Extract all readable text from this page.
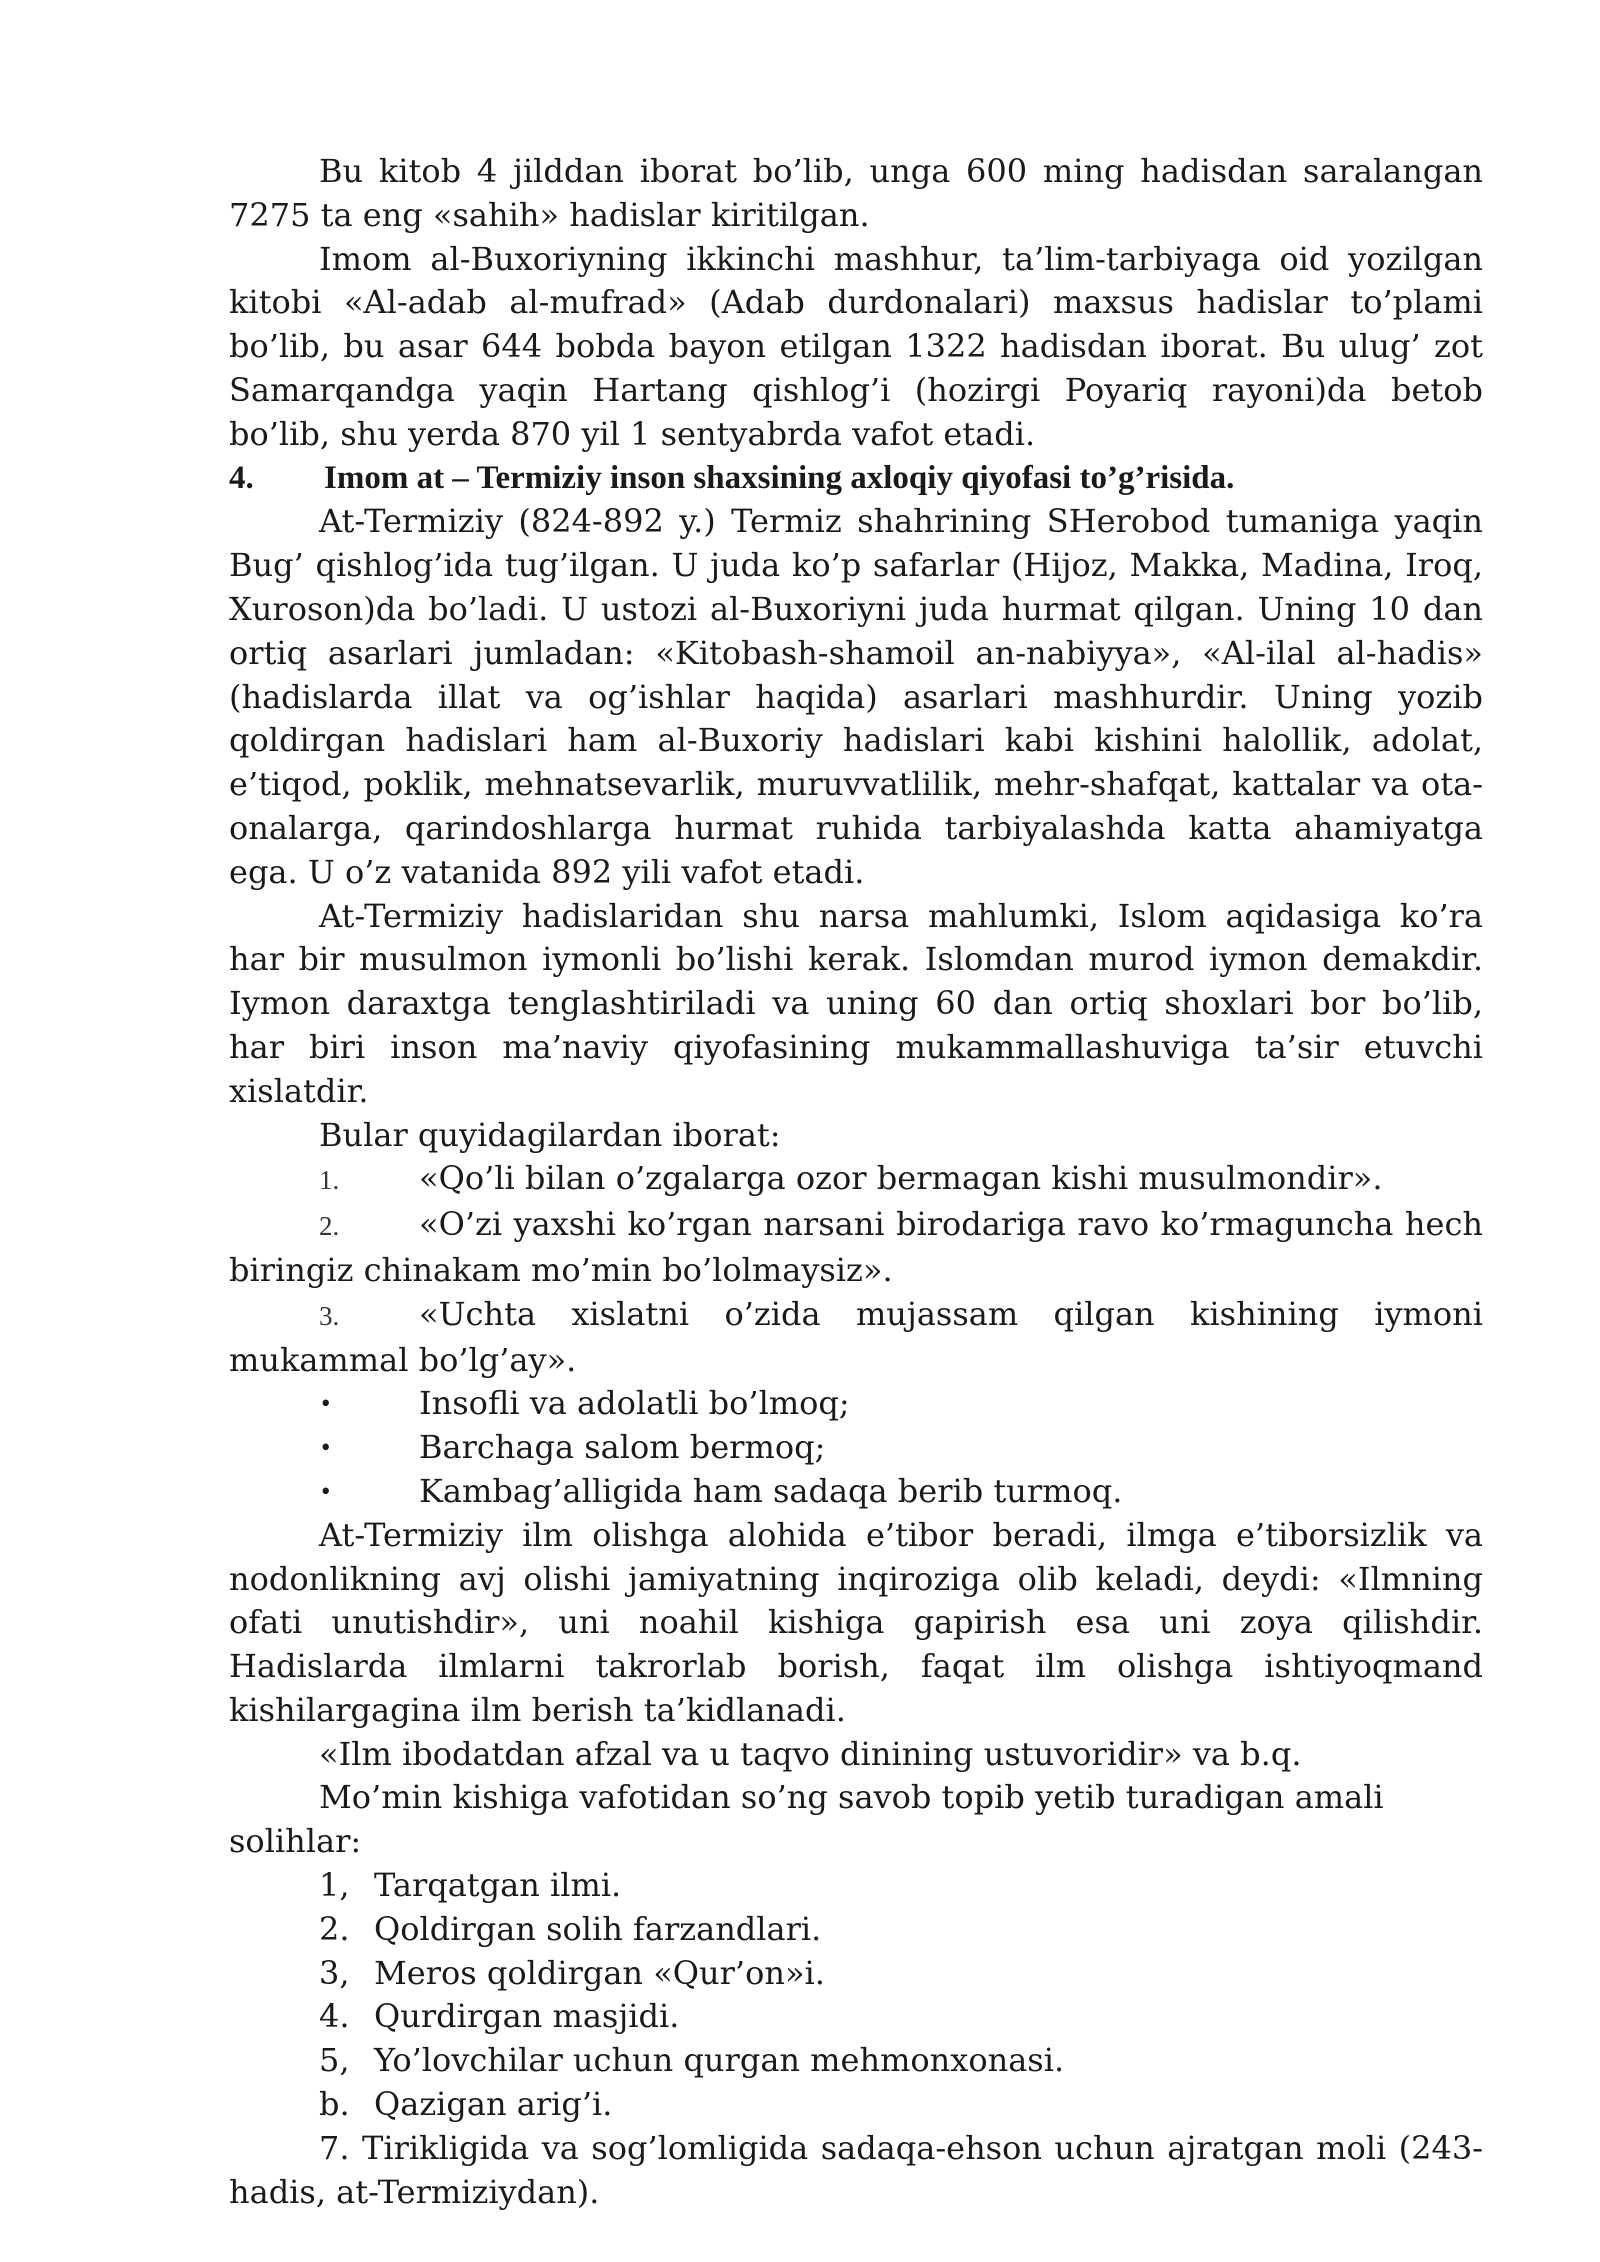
Bu kitob 4 jilddan iborat bo’lib, unga 600 ming hadisdan saralangan 7275 ta eng «sahih» hadislar kiritilgan.

Imom al-Buxoriyning ikkinchi mashhur, ta’lim-tarbiyaga oid yozilgan kitobi «Al-adab al-mufrad» (Adab durdonalari) maxsus hadislar to’plami bo’lib, bu asar 644 bobda bayon etilgan 1322 hadisdan iborat. Bu ulug’ zot Samarqandga yaqin Hartang qishlog’i (hozirgi Poyariq rayoni)da betob bo’lib, shu yerda 870 yil 1 sentyabrda vafot etadi.

4. Imom at – Termiziy inson shaxsining axloqiy qiyofasi to’g’risida.

At-Termiziy (824-892 y.) Termiz shahrining SHerobod tumaniga yaqin Bug’ qishlog’ida tug’ilgan. U juda ko’p safarlar (Hijoz, Makka, Madina, Iroq, Xuroson)da bo’ladi. U ustozi al-Buxoriyni juda hurmat qilgan. Uning 10 dan ortiq asarlari jumladan: «Kitobash-shamoil an-nabiyya», «Al-ilal al-hadis» (hadislarda illat va og’ishlar haqida) asarlari mashhurdir. Uning yozib qoldirgan hadislari ham al-Buxoriy hadislari kabi kishini halollik, adolat, e’tiqod, poklik, mehnatsevarlik, muruvvatlilik, mehr-shafqat, kattalar va ota-onalarga, qarindoshlarga hurmat ruhida tarbiyalashda katta ahamiyatga ega. U o’z vatanida 892 yili vafot etadi.

At-Termiziy hadislaridan shu narsa mahlumki, Islom aqidasiga ko’ra har bir musulmon iymonli bo’lishi kerak. Islomdan murod iymon demakdir. Iymon daraxtga tenglashtiriladi va uning 60 dan ortiq shoxlari bor bo’lib, har biri inson ma’naviy qiyofasining mukammallashuviga ta’sir etuvchi xislatdir.

Bular quyidagilardan iborat:

1. «Qo’li bilan o’zgalarga ozor bermagan kishi musulmondir».

2. «O’zi yaxshi ko’rgan narsani birodariga ravo ko’rmaguncha hech biringiz chinakam mo’min bo’lolmaysiz».

3. «Uchta xislatni o’zida mujassam qilgan kishining iymoni mukammal bo’lg’ay».

•	Insofli va adolatli bo’lmoq;

•	Barchaga salom bermoq;

•	Kambag’alligida ham sadaqa berib turmoq.

At-Termiziy ilm olishga alohida e’tibor beradi, ilmga e’tiborsizlik va nodonlikning avj olishi jamiyatning inqiroziga olib keladi, deydi: «Ilmning ofati unutishdir», uni noahil kishiga gapirish esa uni zoya qilishdir. Hadislarda ilmlarni takrorlab borish, faqat ilm olishga ishtiyoqmand kishilargagina ilm berish ta’kidlanadi.

«Ilm ibodatdan afzal va u taqvo dinining ustuvoridir» va b.q.

Mo’min kishiga vafotidan so’ng savob topib yetib turadigan amali solihlar:

1, Tarqatgan ilmi.

2. Qoldirgan solih farzandlari.

3, Meros qoldirgan «Qur’on»i.

4. Qurdirgan masjidi.

5, Yo’lovchilar uchun qurgan mehmonxonasi.

b. Qazigan arig’i.

7. Tirikligida va sog’lomligida sadaqa-ehson uchun ajratgan moli (243-hadis, at-Termiziydan).
